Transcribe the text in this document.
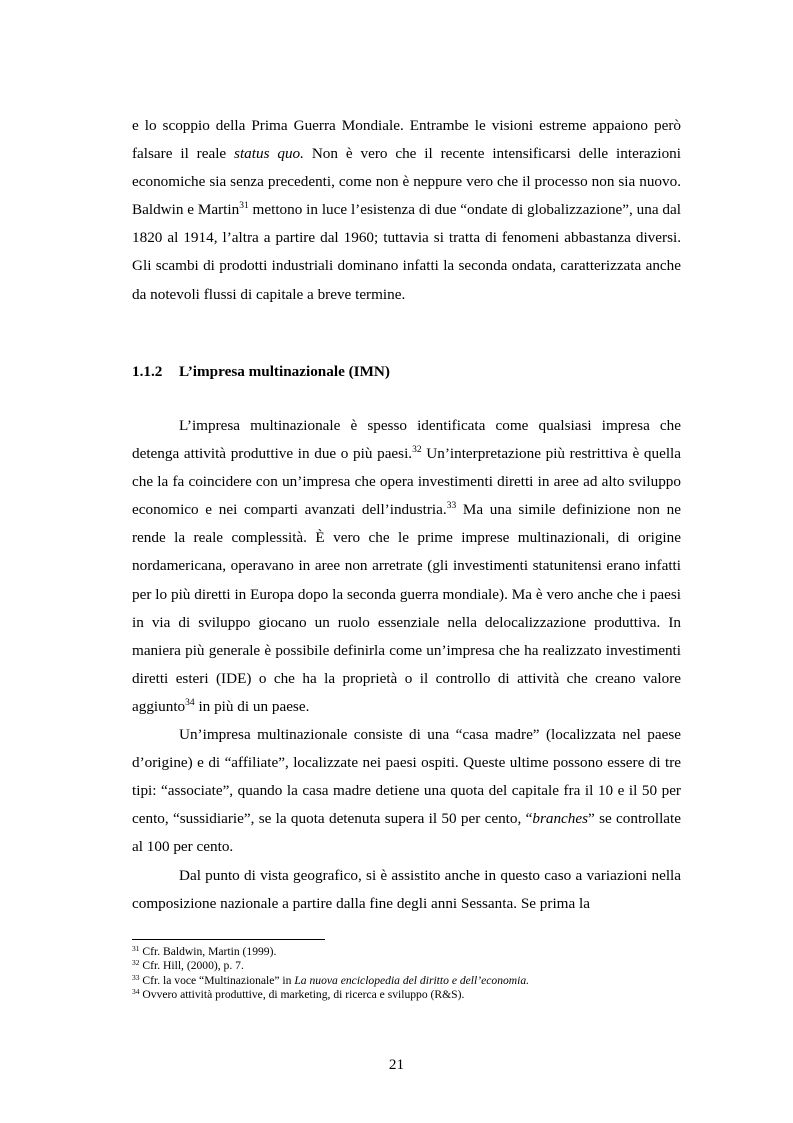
e lo scoppio della Prima Guerra Mondiale. Entrambe le visioni estreme appaiono però falsare il reale status quo. Non è vero che il recente intensificarsi delle interazioni economiche sia senza precedenti, come non è neppure vero che il processo non sia nuovo. Baldwin e Martin$^{31}$ mettono in luce l’esistenza di due “ondate di globalizzazione”, una dal 1820 al 1914, l’altra a partire dal 1960; tuttavia si tratta di fenomeni abbastanza diversi. Gli scambi di prodotti industriali dominano infatti la seconda ondata, caratterizzata anche da notevoli flussi di capitale a breve termine.

1.1.2 L’impresa multinazionale (IMN)

L’impresa multinazionale è spesso identificata come qualsiasi impresa che detenga attività produttive in due o più paesi.$^{32}$ Un’interpretazione più restrittiva è quella che la fa coincidere con un’impresa che opera investimenti diretti in aree ad alto sviluppo economico e nei comparti avanzati dell’industria.$^{33}$ Ma una simile definizione non ne rende la reale complessità. È vero che le prime imprese multinazionali, di origine nordamericana, operavano in aree non arretrate (gli investimenti statunitensi erano infatti per lo più diretti in Europa dopo la seconda guerra mondiale). Ma è vero anche che i paesi in via di sviluppo giocano un ruolo essenziale nella delocalizzazione produttiva. In maniera più generale è possibile definirla come un’impresa che ha realizzato investimenti diretti esteri (IDE) o che ha la proprietà o il controllo di attività che creano valore aggiunto$^{34}$ in più di un paese.

Un’impresa multinazionale consiste di una “casa madre” (localizzata nel paese d’origine) e di “affiliate”, localizzate nei paesi ospiti. Queste ultime possono essere di tre tipi: “associate”, quando la casa madre detiene una quota del capitale fra il 10 e il 50 per cento, “sussidiarie”, se la quota detenuta supera il 50 per cento, “branches” se controllate al 100 per cento.

Dal punto di vista geografico, si è assistito anche in questo caso a variazioni nella composizione nazionale a partire dalla fine degli anni Sessanta. Se prima la

$^{31}$ Cfr. Baldwin, Martin (1999).
$^{32}$ Cfr. Hill, (2000), p. 7.
$^{33}$ Cfr. la voce “Multinazionale” in La nuova enciclopedia del diritto e dell’economia.
$^{34}$ Ovvero attività produttive, di marketing, di ricerca e sviluppo (R&S).
21
